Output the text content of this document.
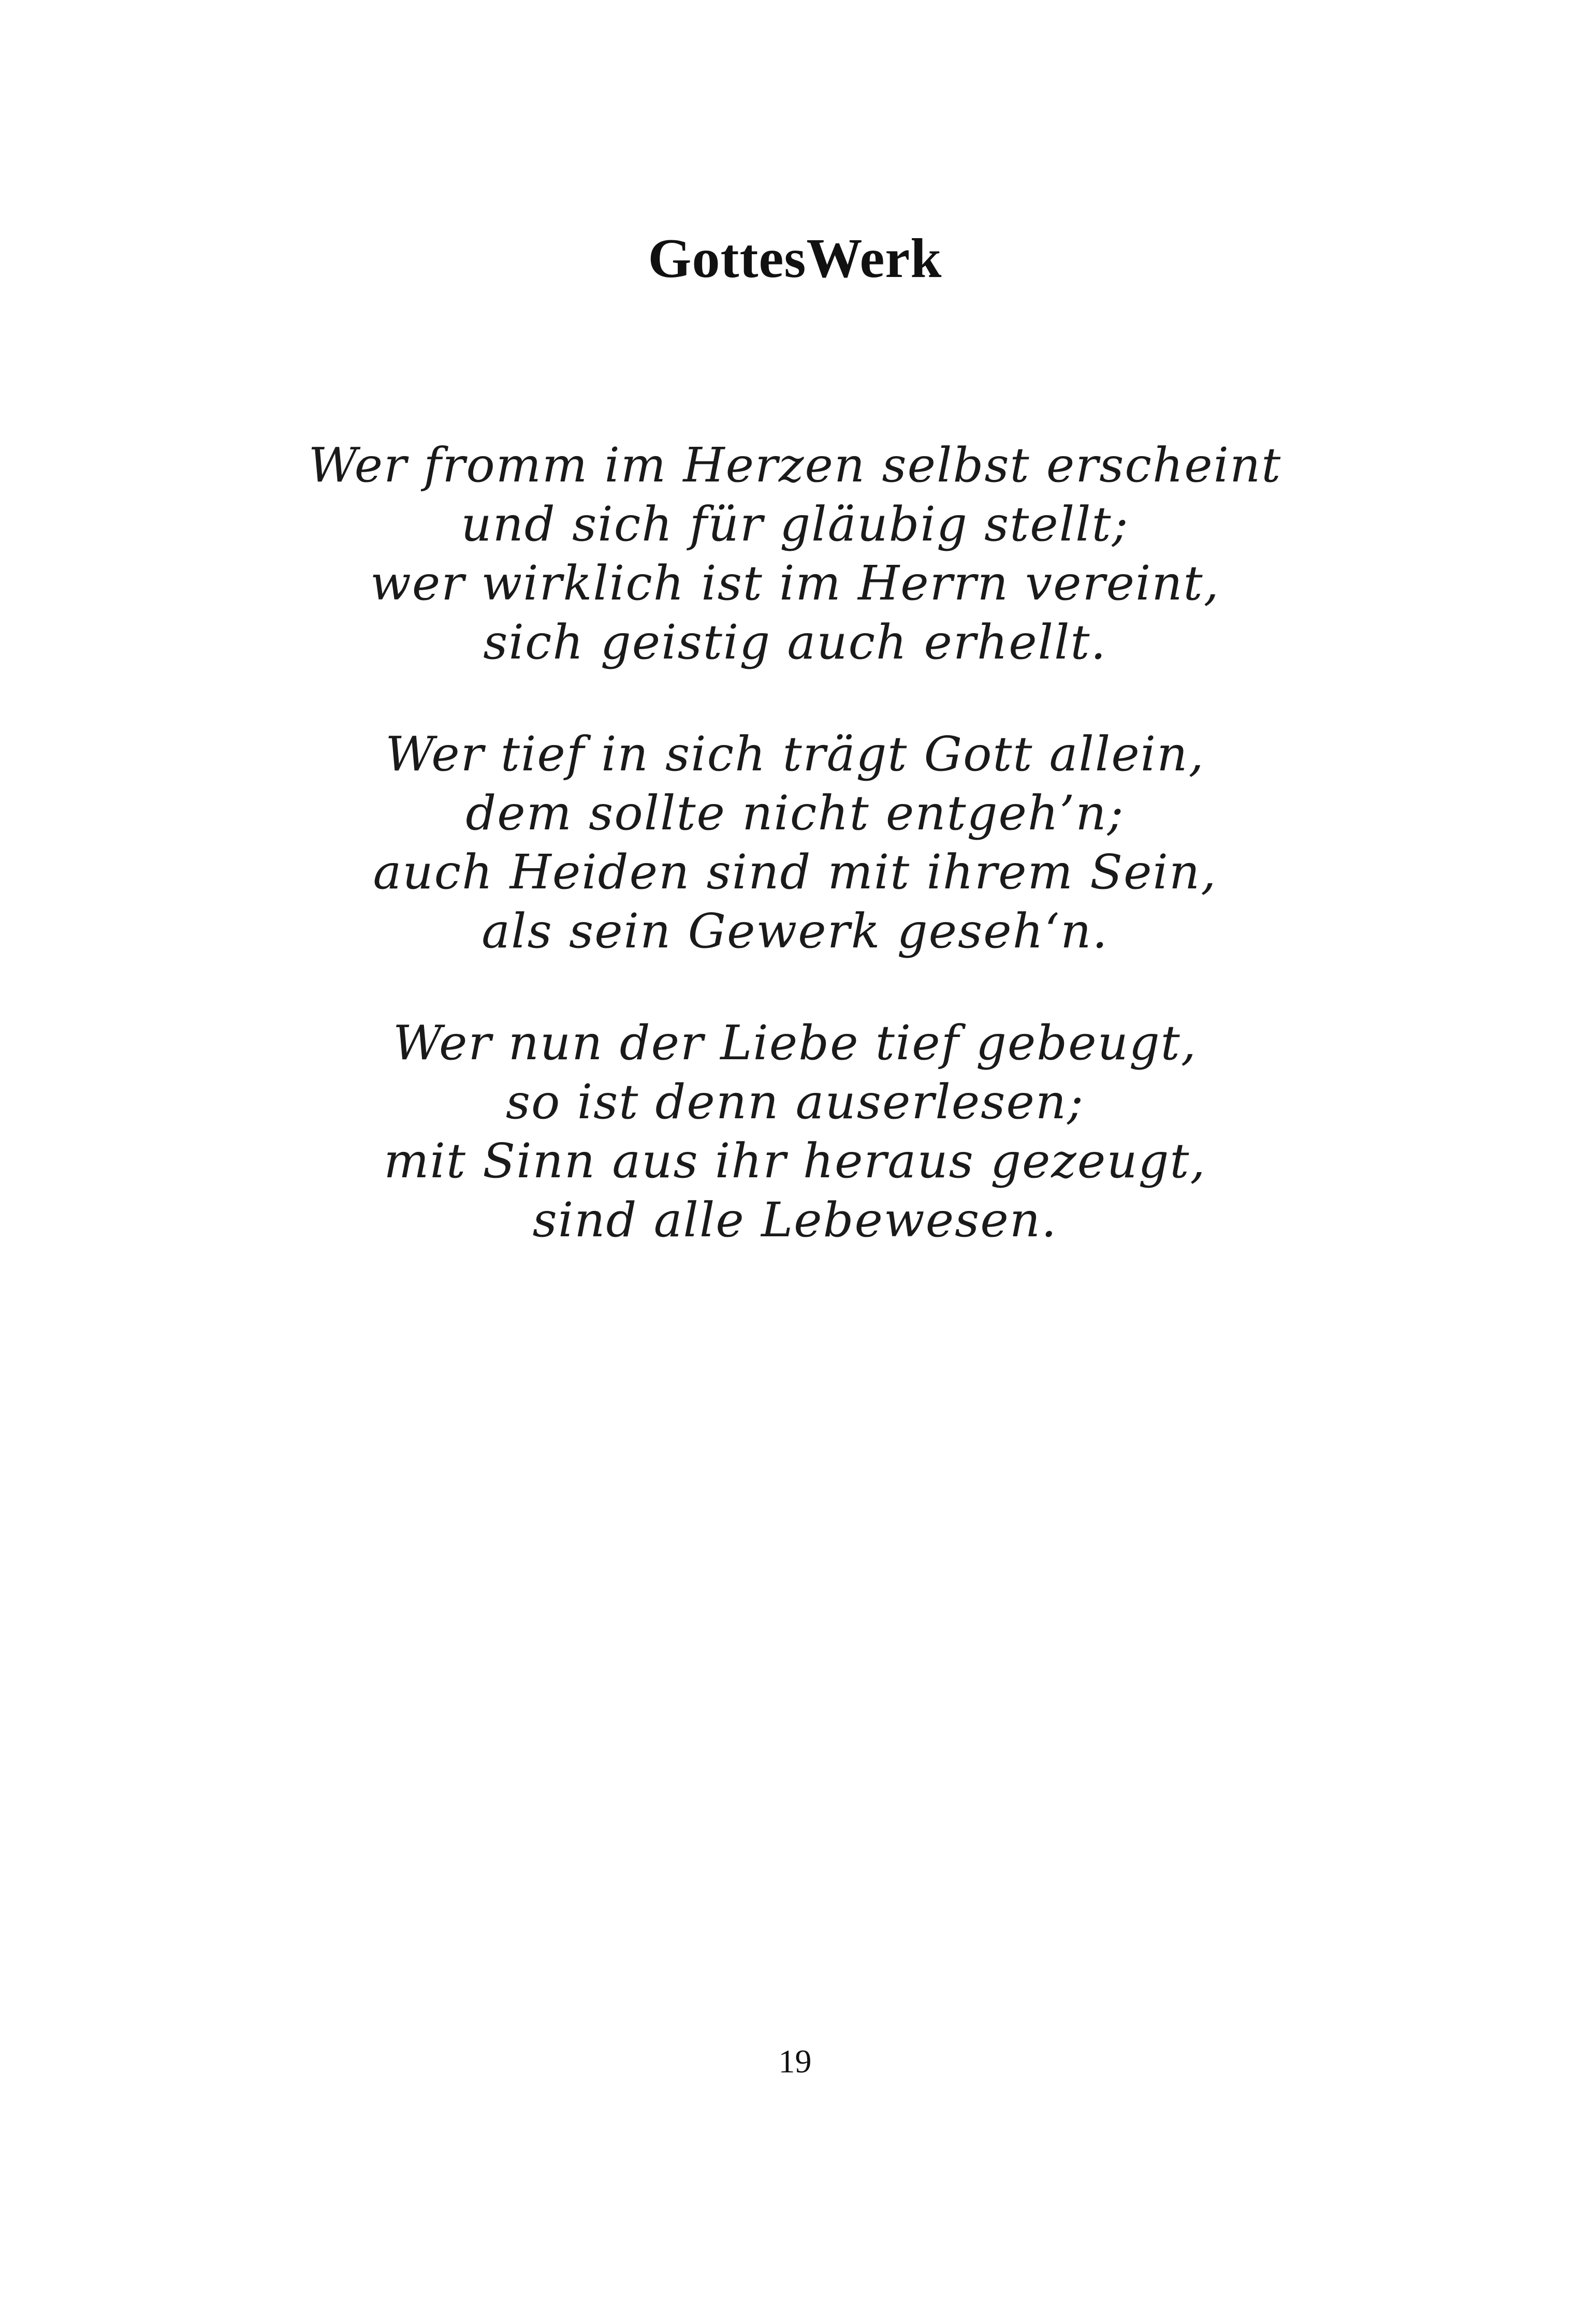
GottesWerk
Wer fromm im Herzen selbst erscheint
und sich für gläubig stellt;
wer wirklich ist im Herrn vereint,
sich geistig auch erhellt.
Wer tief in sich trägt Gott allein,
dem sollte nicht entgeh’n;
auch Heiden sind mit ihrem Sein,
als sein Gewerk geseh‘n.
Wer nun der Liebe tief gebeugt,
so ist denn auserlesen;
mit Sinn aus ihr heraus gezeugt,
sind alle Lebewesen.
19
